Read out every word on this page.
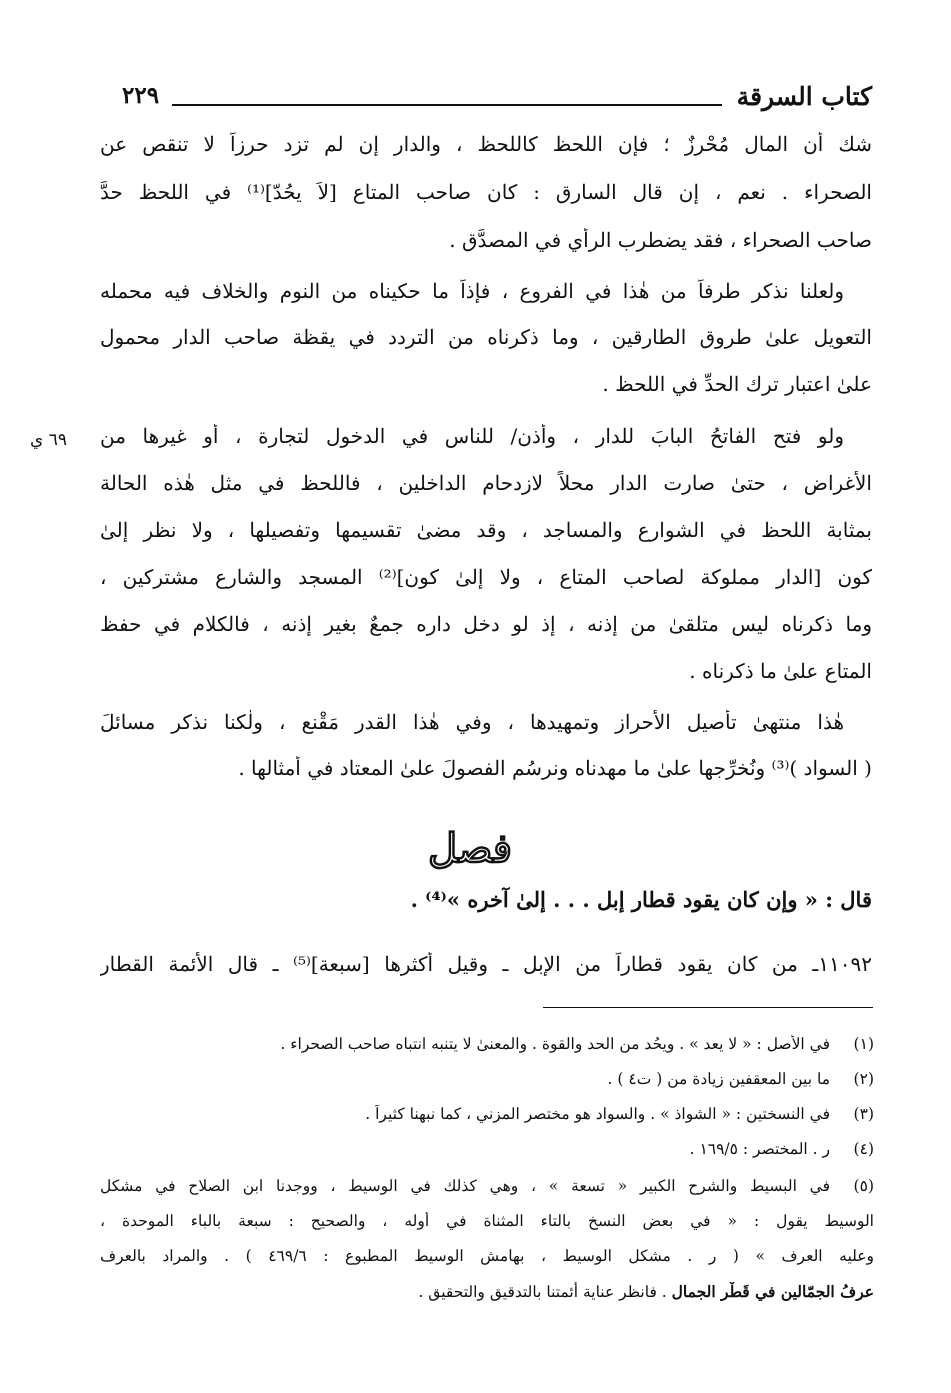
كتاب السرقة
٢٢٩
شك أن المال مُحْرزٌ ؛ فإن اللحظ كاللحظ ، والدار إن لم تزد حرزاً لا تنقص عن
الصحراء . نعم ، إن قال السارق : كان صاحب المتاع [لاَ يحُدّ]⁽¹⁾ في اللحظ حدَّ
صاحب الصحراء ، فقد يضطرب الرأي في المصدَّق .
ولعلنا نذكر طرفاً من هٰذا في الفروع ، فإذاً ما حكيناه من النوم والخلاف فيه محمله
التعويل علىٰ طروق الطارقين ، وما ذكرناه من التردد في يقظة صاحب الدار محمول
علىٰ اعتبار ترك الحدِّ في اللحظ .
ولو فتح الفاتحُ البابَ للدار ، وأذن/ للناس في الدخول لتجارة ، أو غيرها من
٦٩ ي
الأغراض ، حتىٰ صارت الدار محلاً لازدحام الداخلين ، فاللحظ في مثل هٰذه الحالة
بمثابة اللحظ في الشوارع والمساجد ، وقد مضىٰ تقسيمها وتفصيلها ، ولا نظر إلىٰ
كون [الدار مملوكة لصاحب المتاع ، ولا إلىٰ كون]⁽²⁾ المسجد والشارع مشتركين ،
وما ذكرناه ليس متلقىٰ من إذنه ، إذ لو دخل داره جمعٌ بغير إذنه ، فالكلام في حفظ
المتاع علىٰ ما ذكرناه .
هٰذا منتهىٰ تأصيل الأحراز وتمهيدها ، وفي هٰذا القدر مَقْنع ، ولٰكنا نذكر مسائلَ
( السواد )⁽³⁾ ونُخرِّجها علىٰ ما مهدناه ونرسُم الفصولَ علىٰ المعتاد في أمثالها .
فصل
قال : « وإن كان يقود قطار إبل . . . إلىٰ آخره »⁽⁴⁾ .
١١٠٩٢ـ من كان يقود قطاراً من الإبل ـ وقيل أكثرها [سبعة]⁽⁵⁾ ـ قال الأئمة القطار
(١)في الأصل : « لا يعد » . ويحُد من الحد والقوة . والمعنىٰ لا يتنبه انتباه صاحب الصحراء .
(٢)ما بين المعقفين زيادة من ( ت٤ ) .
(٣)في النسختين : « الشواذ » . والسواد هو مختصر المزني ، كما نبهنا كثيراً .
(٤)ر . المختصر : ١٦٩/٥ .
(٥)في البسيط والشرح الكبير « تسعة » ، وهي كذلك في الوسيط ، ووجدنا ابن الصلاح في مشكل
الوسيط يقول : « في بعض النسخ بالتاء المثناة في أوله ، والصحيح : سبعة بالباء الموحدة ،
وعليه العرف » ( ر . مشكل الوسيط ، بهامش الوسيط المطبوع : ٤٦٩/٦ ) . والمراد بالعرف
عرفُ الجمّالين في قَطْر الجمال . فانظر عناية أئمتنا بالتدقيق والتحقيق .
